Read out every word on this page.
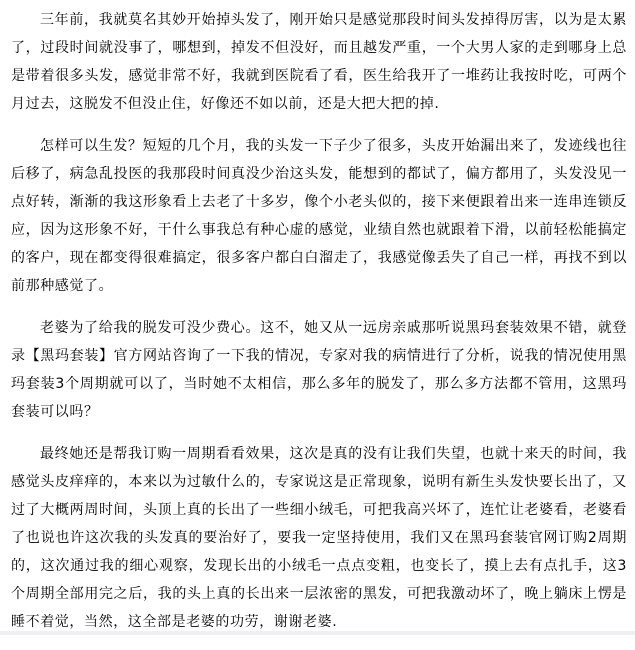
三年前，我就莫名其妙开始掉头发了，刚开始只是感觉那段时间头发掉得厉害，以为是太累了，过段时间就没事了，哪想到，掉发不但没好，而且越发严重，一个大男人家的走到哪身上总是带着很多头发，感觉非常不好，我就到医院看了看，医生给我开了一堆药让我按时吃，可两个月过去，这脱发不但没止住，好像还不如以前，还是大把大把的掉.

怎样可以生发？短短的几个月，我的头发一下子少了很多，头皮开始漏出来了，发迹线也往后移了，病急乱投医的我那段时间真没少治这头发，能想到的都试了，偏方都用了，头发没见一点好转，渐渐的我这形象看上去老了十多岁，像个小老头似的，接下来便跟着出来一连串连锁反应，因为这形象不好，干什么事我总有种心虚的感觉，业绩自然也就跟着下滑，以前轻松能搞定的客户，现在都变得很难搞定，很多客户都白白溜走了，我感觉像丢失了自己一样，再找不到以前那种感觉了。

老婆为了给我的脱发可没少费心。这不，她又从一远房亲戚那听说黑玛套装效果不错，就登录【黑玛套装】官方网站咨询了一下我的情况，专家对我的病情进行了分析，说我的情况使用黑玛套装3个周期就可以了，当时她不太相信，那么多年的脱发了，那么多方法都不管用，这黑玛套装可以吗？

最终她还是帮我订购一周期看看效果，这次是真的没有让我们失望，也就十来天的时间，我感觉头皮痒痒的，本来以为过敏什么的，专家说这是正常现象，说明有新生头发快要长出了，又过了大概两周时间，头顶上真的长出了一些细小绒毛，可把我高兴坏了，连忙让老婆看，老婆看了也说也许这次我的头发真的要治好了，要我一定坚持使用，我们又在黑玛套装官网订购2周期的，这次通过我的细心观察，发现长出的小绒毛一点点变粗，也变长了，摸上去有点扎手，这3个周期全部用完之后，我的头上真的长出来一层浓密的黑发，可把我激动坏了，晚上躺床上愣是睡不着觉，当然，这全部是老婆的功劳，谢谢老婆.
